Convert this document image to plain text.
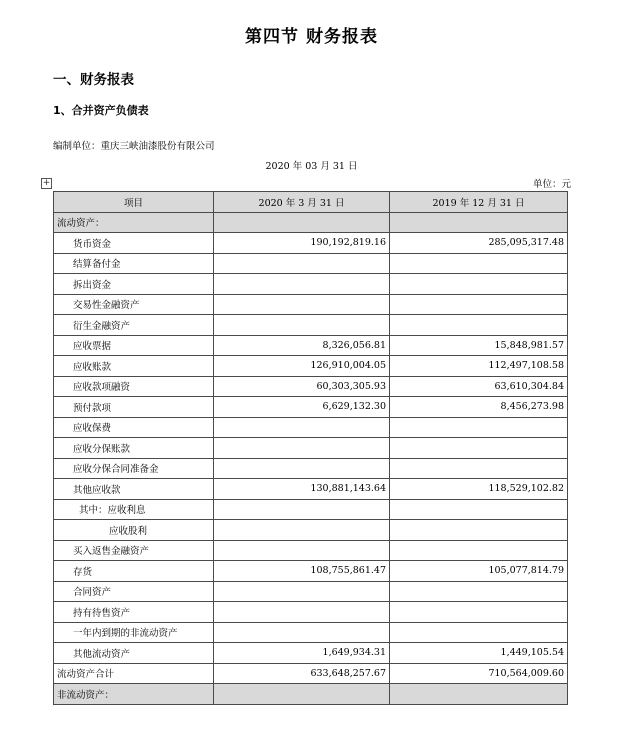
第四节 财务报表
一、财务报表
1、合并资产负债表
编制单位：重庆三峡油漆股份有限公司
2020 年 03 月 31 日
+	单位：元
项目	2020 年 3 月 31 日	2019 年 12 月 31 日
流动资产：		
货币资金	190,192,819.16	285,095,317.48
结算备付金		
拆出资金		
交易性金融资产		
衍生金融资产		
应收票据	8,326,056.81	15,848,981.57
应收账款	126,910,004.05	112,497,108.58
应收款项融资	60,303,305.93	63,610,304.84
预付款项	6,629,132.30	8,456,273.98
应收保费		
应收分保账款		
应收分保合同准备金		
其他应收款	130,881,143.64	118,529,102.82
其中：应收利息		
应收股利		
买入返售金融资产		
存货	108,755,861.47	105,077,814.79
合同资产		
持有待售资产		
一年内到期的非流动资产		
其他流动资产	1,649,934.31	1,449,105.54
流动资产合计	633,648,257.67	710,564,009.60
非流动资产：		
